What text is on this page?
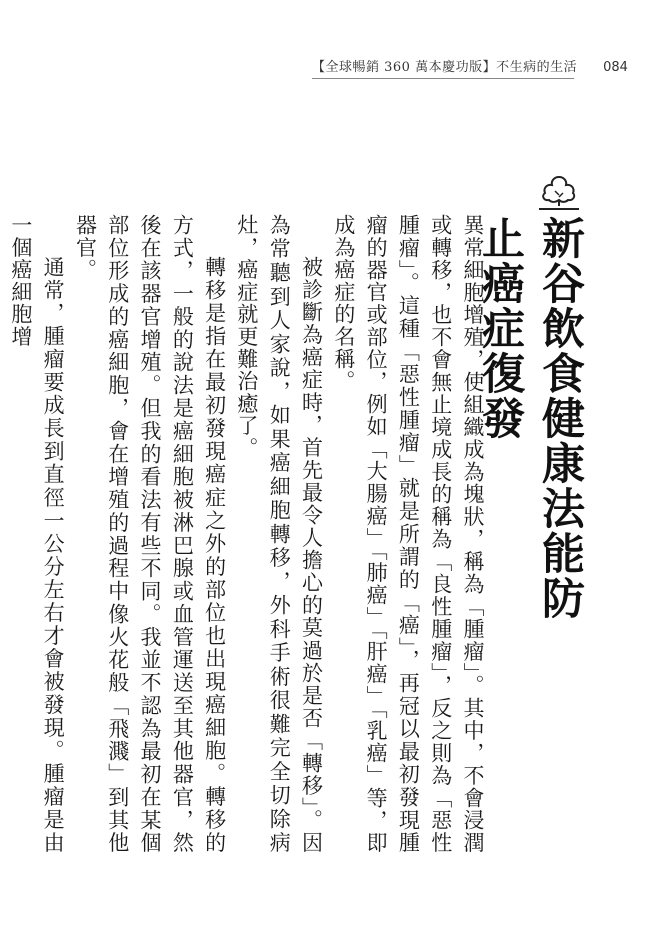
【全球暢銷 360 萬本慶功版】不生病的生活 084
新谷飲食健康法能防止癌症復發

異常細胞增殖，使組織成為塊狀，稱為「腫瘤」。其中，不會浸潤或轉移，也不會無止境成長的稱為「良性腫瘤」，反之則為「惡性腫瘤」。這種「惡性腫瘤」就是所謂的「癌」，再冠以最初發現腫瘤的器官或部位，例如「大腸癌」「肺癌」「肝癌」「乳癌」等，即成為癌症的名稱。

被診斷為癌症時，首先最令人擔心的莫過於是否「轉移」。因為常聽到人家說，如果癌細胞轉移，外科手術很難完全切除病灶，癌症就更難治癒了。

轉移是指在最初發現癌症之外的部位也出現癌細胞。轉移的方式，一般的說法是癌細胞被淋巴腺或血管運送至其他器官，然後在該器官增殖。但我的看法有些不同。我並不認為最初在某個部位形成的癌細胞，會在增殖的過程中像火花般「飛濺」到其他器官。

通常，腫瘤要成長到直徑一公分左右才會被發現。腫瘤是由一個癌細胞增
